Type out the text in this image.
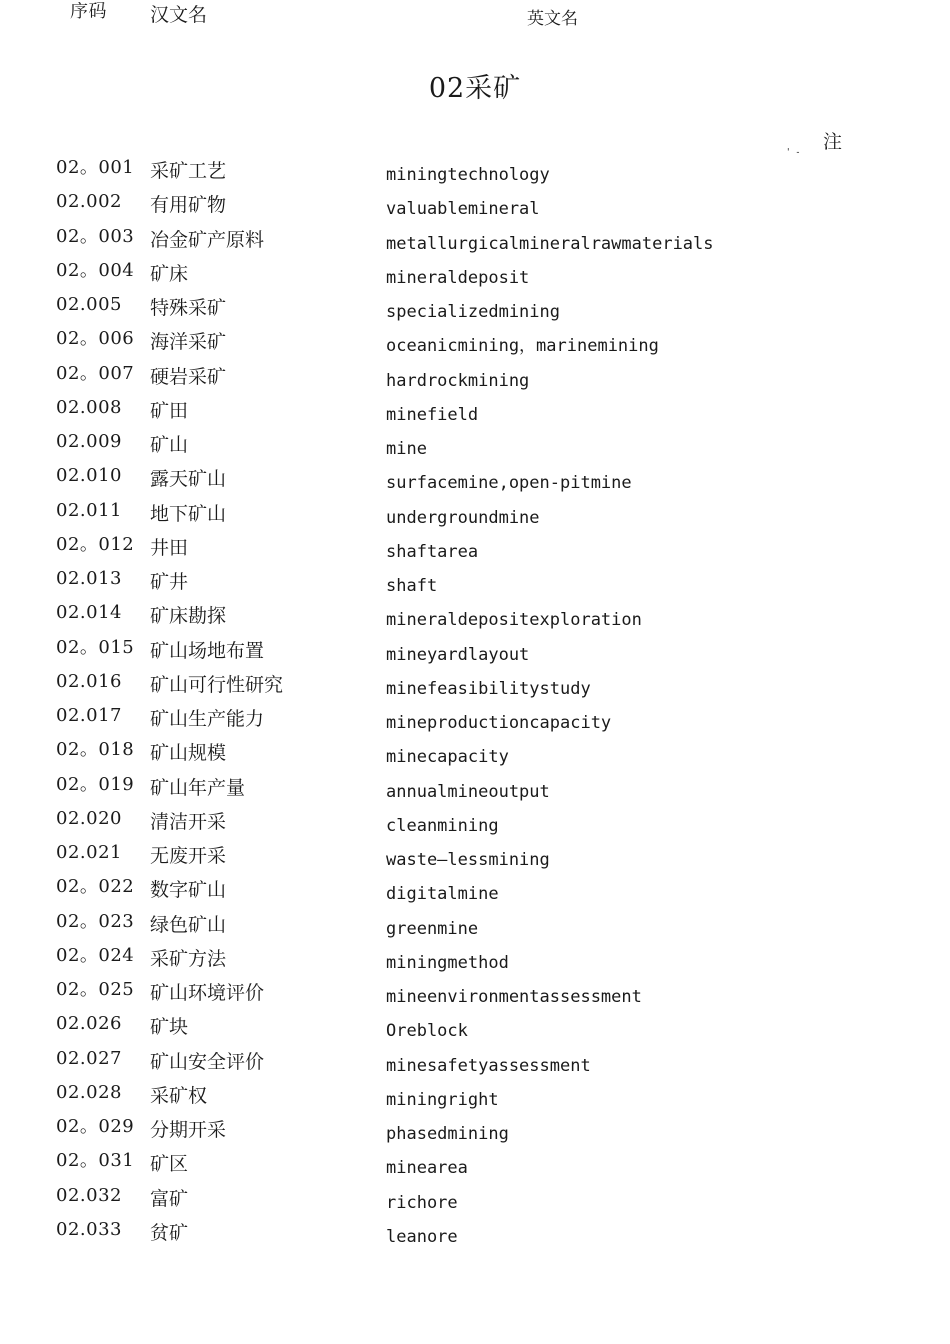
02采矿
序码	汉文名	英文名
注
' -
02。001 采矿工艺	miningtechnology
02.002	有用矿物	valuablemineral
02。003 冶金矿产原料	metallurgicalmineralrawmaterials
02。004 矿床	mineraldeposit
02.005	特殊采矿	specializedmining
02。006 海洋采矿	oceanicmining，marinemining
02。007 硬岩采矿	hardrockmining
02.008	矿田	minefield
02.009	矿山	mine
02.010	露天矿山	surfacemine,open-pitmine
02.011	地下矿山	undergroundmine
02。012 井田	shaftarea
02.013	矿井	shaft
02.014	矿床勘探	mineraldepositexploration
02。015 矿山场地布置	mineyardlayout
02.016	矿山可行性研究	minefeasibilitystudy
02.017	矿山生产能力	mineproductioncapacity
02。018 矿山规模	minecapacity
02。019 矿山年产量	annualmineoutput
02.020	清洁开采	cleanmining
02.021	无废开采	waste—lessmining
02。022 数字矿山	digitalmine
02。023 绿色矿山	greenmine
02。024 采矿方法	miningmethod
02。025 矿山环境评价	mineenvironmentassessment
02.026	矿块	Oreblock
02.027	矿山安全评价	minesafetyassessment
02.028	采矿权	miningright
02。029 分期开采	phasedmining
02。031 矿区	minearea
02.032	富矿	richore
02.033	贫矿	leanore
